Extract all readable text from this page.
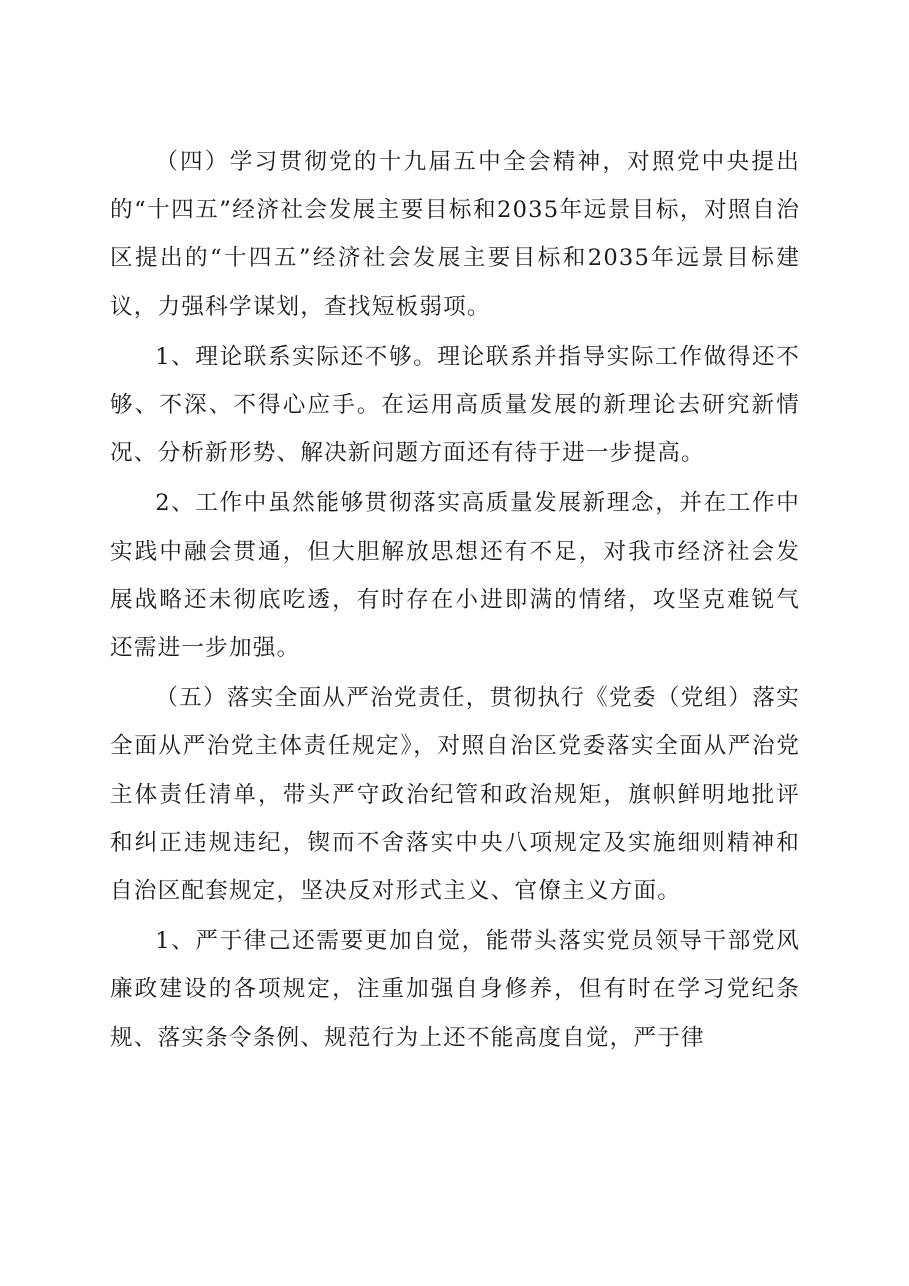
（四）学习贯彻党的十九届五中全会精神，对照党中央提出的“十四五”经济社会发展主要目标和2035年远景目标，对照自治区提出的“十四五”经济社会发展主要目标和2035年远景目标建议，力强科学谋划，查找短板弱项。

1、理论联系实际还不够。理论联系并指导实际工作做得还不够、不深、不得心应手。在运用高质量发展的新理论去研究新情况、分析新形势、解决新问题方面还有待于进一步提高。

2、工作中虽然能够贯彻落实高质量发展新理念，并在工作中实践中融会贯通，但大胆解放思想还有不足，对我市经济社会发展战略还未彻底吃透，有时存在小进即满的情绪，攻坚克难锐气还需进一步加强。

（五）落实全面从严治党责任，贯彻执行《党委（党组）落实全面从严治党主体责任规定》，对照自治区党委落实全面从严治党主体责任清单，带头严守政治纪管和政治规矩，旗帜鲜明地批评和纠正违规违纪，锲而不舍落实中央八项规定及实施细则精神和自治区配套规定，坚决反对形式主义、官僚主义方面。

1、严于律己还需要更加自觉，能带头落实党员领导干部党风廉政建设的各项规定，注重加强自身修养，但有时在学习党纪条规、落实条令条例、规范行为上还不能高度自觉，严于律
